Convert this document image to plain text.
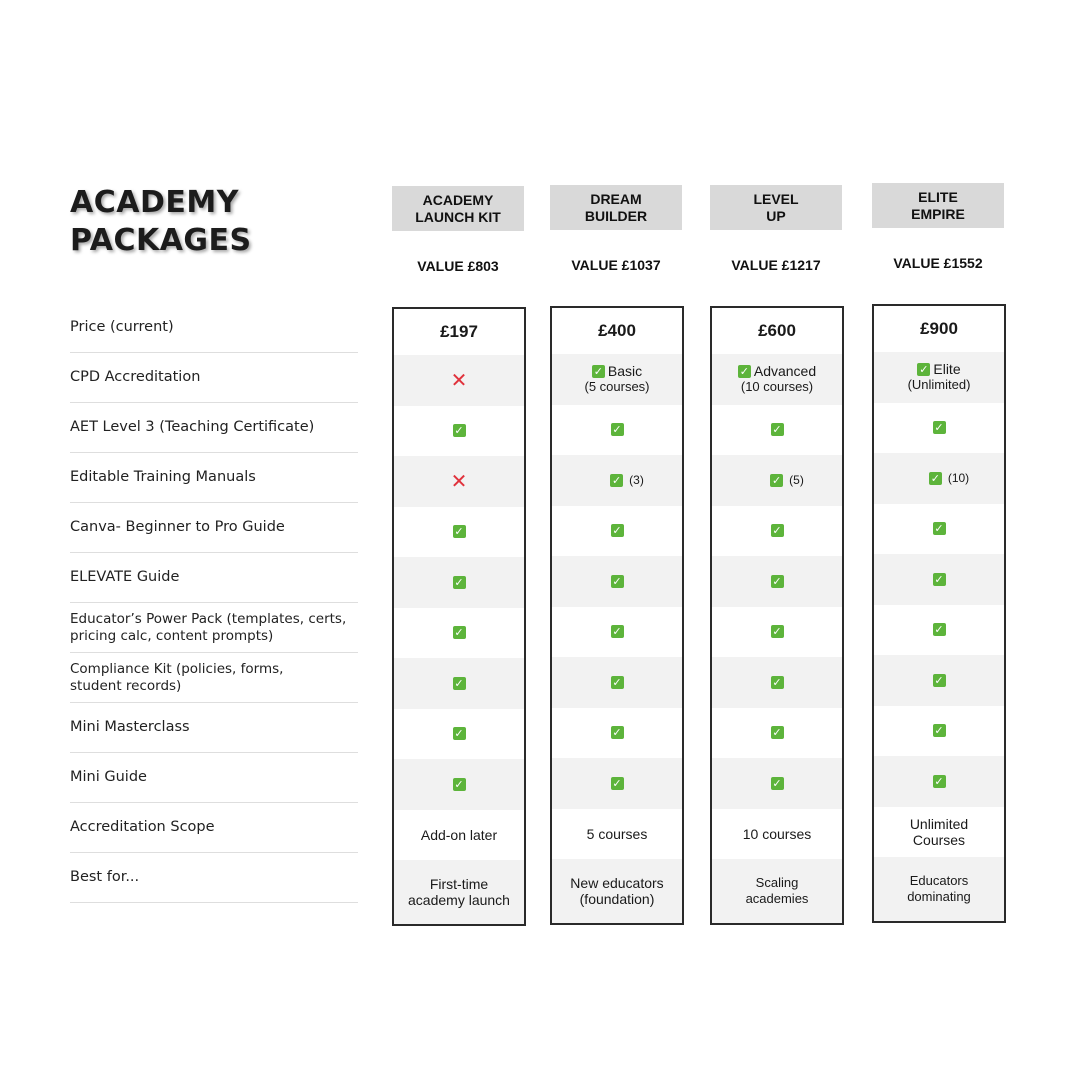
ACADEMY
PACKAGES
Price (current)
CPD Accreditation
AET Level 3 (Teaching Certificate)
Editable Training Manuals
Canva- Beginner to Pro Guide
ELEVATE Guide
Educator’s Power Pack (templates, certs,
pricing calc, content prompts)
Compliance Kit (policies, forms,
student records)
Mini Masterclass
Mini Guide
Accreditation Scope
Best for...
ACADEMY
LAUNCH KIT
VALUE £803
£197
✕
✓
✕
✓
✓
✓
✓
✓
✓
Add-on later
First-time
academy launch
DREAM
BUILDER
VALUE £1037
£400
✓ Basic
(5 courses)
✓
✓ (3)
✓
✓
✓
✓
✓
✓
5 courses
New educators
(foundation)
LEVEL
UP
VALUE £1217
£600
✓ Advanced
(10 courses)
✓
✓ (5)
✓
✓
✓
✓
✓
✓
10 courses
Scaling
academies
ELITE
EMPIRE
VALUE £1552
£900
✓ Elite
(Unlimited)
✓
✓ (10)
✓
✓
✓
✓
✓
✓
Unlimited
Courses
Educators
dominating
